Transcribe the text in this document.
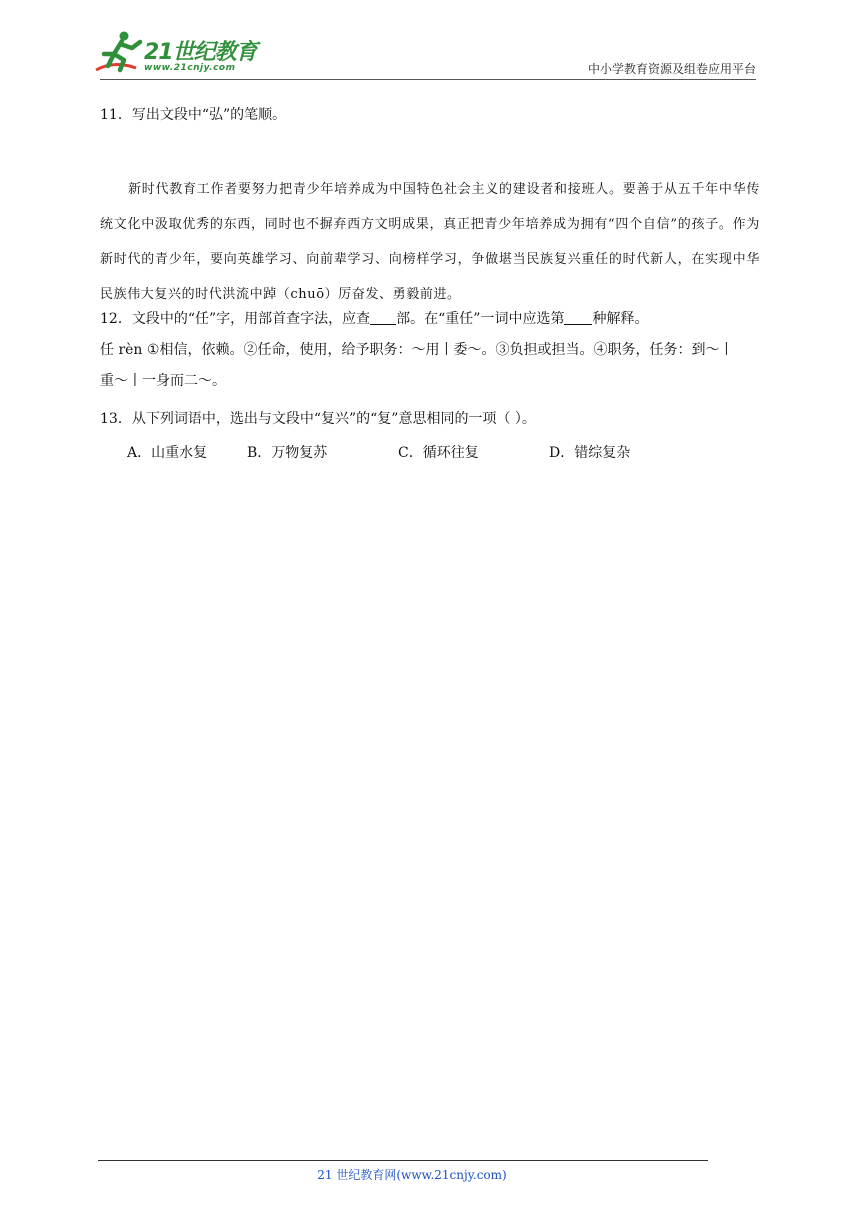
21世纪教育
www.21cnjy.com	中小学教育资源及组卷应用平台
11．写出文段中“弘”的笔顺。

新时代教育工作者要努力把青少年培养成为中国特色社会主义的建设者和接班人。要善于从五千年中华传统文化中汲取优秀的东西，同时也不摒弃西方文明成果，真正把青少年培养成为拥有“四个自信”的孩子。作为新时代的青少年，要向英雄学习、向前辈学习、向榜样学习，争做堪当民族复兴重任的时代新人，在实现中华民族伟大复兴的时代洪流中踔（chuō）厉奋发、勇毅前进。

12．文段中的“任”字，用部首查字法，应查 部。在“重任”一词中应选第 种解释。
任 rèn ①相信，依赖。②任命，使用，给予职务：～用丨委～。③负担或担当。④职务，任务：到～丨
重～丨一身而二～。
13．从下列词语中，选出与文段中“复兴”的“复”意思相同的一项（ ）。
A．山重水复	B．万物复苏	C．循环往复	D．错综复杂
21 世纪教育网(www.21cnjy.com)
